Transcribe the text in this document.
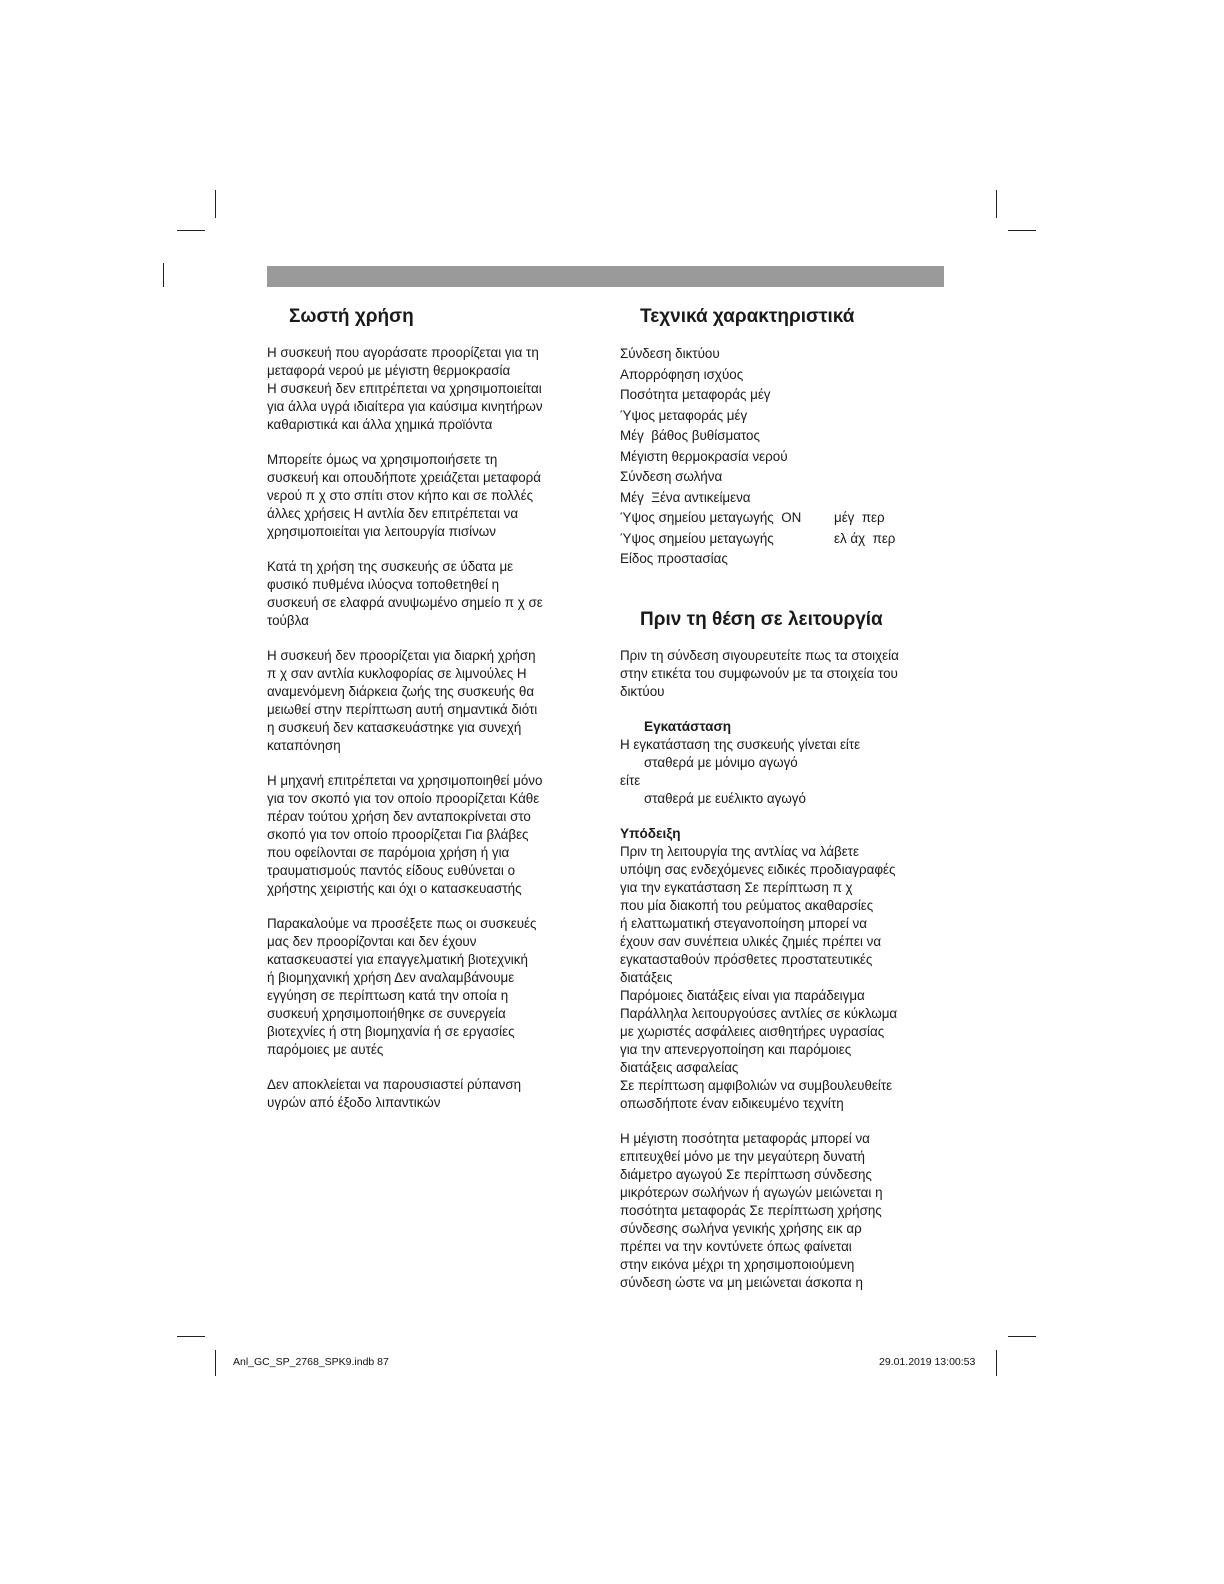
Σωστή χρήση

Η συσκευή που αγοράσατε προορίζεται για τη
μεταφορά νερού με μέγιστη θερμοκρασία
Η συσκευή δεν επιτρέπεται να χρησιμοποιείται
για άλλα υγρά ιδιαίτερα για καύσιμα κινητήρων
καθαριστικά και άλλα χημικά προϊόντα

Μπορείτε όμως να χρησιμοποιήσετε τη
συσκευή και οπουδήποτε χρειάζεται μεταφορά
νερού π χ στο σπίτι στον κήπο και σε πολλές
άλλες χρήσεις Η αντλία δεν επιτρέπεται να
χρησιμοποιείται για λειτουργία πισίνων

Κατά τη χρήση της συσκευής σε ύδατα με
φυσικό πυθμένα ιλύοςνα τοποθετηθεί η
συσκευή σε ελαφρά ανυψωμένο σημείο π χ σε
τούβλα

Η συσκευή δεν προορίζεται για διαρκή χρήση
π χ σαν αντλία κυκλοφορίας σε λιμνούλες Η
αναμενόμενη διάρκεια ζωής της συσκευής θα
μειωθεί στην περίπτωση αυτή σημαντικά διότι
η συσκευή δεν κατασκευάστηκε για συνεχή
καταπόνηση

Η μηχανή επιτρέπεται να χρησιμοποιηθεί μόνο
για τον σκοπό για τον οποίο προορίζεται Κάθε
πέραν τούτου χρήση δεν ανταποκρίνεται στο
σκοπό για τον οποίο προορίζεται Για βλάβες
που οφείλονται σε παρόμοια χρήση ή για
τραυματισμούς παντός είδους ευθύνεται ο
χρήστης χειριστής και όχι ο κατασκευαστής

Παρακαλούμε να προσέξετε πως οι συσκευές
μας δεν προορίζονται και δεν έχουν
κατασκευαστεί για επαγγελματική βιοτεχνική
ή βιομηχανική χρήση Δεν αναλαμβάνουμε
εγγύηση σε περίπτωση κατά την οποία η
συσκευή χρησιμοποιήθηκε σε συνεργεία
βιοτεχνίες ή στη βιομηχανία ή σε εργασίες
παρόμοιες με αυτές

Δεν αποκλείεται να παρουσιαστεί ρύπανση
υγρών από έξοδο λιπαντικών

Τεχνικά χαρακτηριστικά
Σύνδεση δικτύου
Απορρόφηση ισχύος
Ποσότητα μεταφοράς μέγ
Ύψος μεταφοράς μέγ
Μέγ  βάθος βυθίσματος
Μέγιστη θερμοκρασία νερού
Σύνδεση σωλήνα
Μέγ  Ξένα αντικείμενα
Ύψος σημείου μεταγωγής  ON μέγ  περ
Ύψος σημείου μεταγωγής	ελ άχ  περ
Είδος προστασίας
Πριν τη θέση σε λειτουργία

Πριν τη σύνδεση σιγουρευτείτε πως τα στοιχεία
στην ετικέτα του συμφωνούν με τα στοιχεία του
δικτύου

Εγκατάσταση
Η εγκατάσταση της συσκευής γίνεται είτε
σταθερά με μόνιμο αγωγό
είτε
σταθερά με ευέλικτο αγωγό
Υπόδειξη

Πριν τη λειτουργία της αντλίας να λάβετε
υπόψη σας ενδεχόμενες ειδικές προδιαγραφές
για την εγκατάσταση Σε περίπτωση π χ
που μία διακοπή του ρεύματος ακαθαρσίες
ή ελαττωματική στεγανοποίηση μπορεί να
έχουν σαν συνέπεια υλικές ζημιές πρέπει να
εγκατασταθούν πρόσθετες προστατευτικές
διατάξεις
Παρόμοιες διατάξεις είναι για παράδειγμα
Παράλληλα λειτουργούσες αντλίες σε κύκλωμα
με χωριστές ασφάλειες αισθητήρες υγρασίας
για την απενεργοποίηση και παρόμοιες
διατάξεις ασφαλείας
Σε περίπτωση αμφιβολιών να συμβουλευθείτε
οπωσδήποτε έναν ειδικευμένο τεχνίτη

Η μέγιστη ποσότητα μεταφοράς μπορεί να
επιτευχθεί μόνο με την μεγαύτερη δυνατή
διάμετρο αγωγού Σε περίπτωση σύνδεσης
μικρότερων σωλήνων ή αγωγών μειώνεται η
ποσότητα μεταφοράς Σε περίπτωση χρήσης
σύνδεσης σωλήνα γενικής χρήσης εικ αρ
πρέπει να την κοντύνετε όπως φαίνεται
στην εικόνα μέχρι τη χρησιμοποιούμενη
σύνδεση ώστε να μη μειώνεται άσκοπα η

Anl_GC_SP_2768_SPK9.indb 87	29.01.2019 13:00:53
